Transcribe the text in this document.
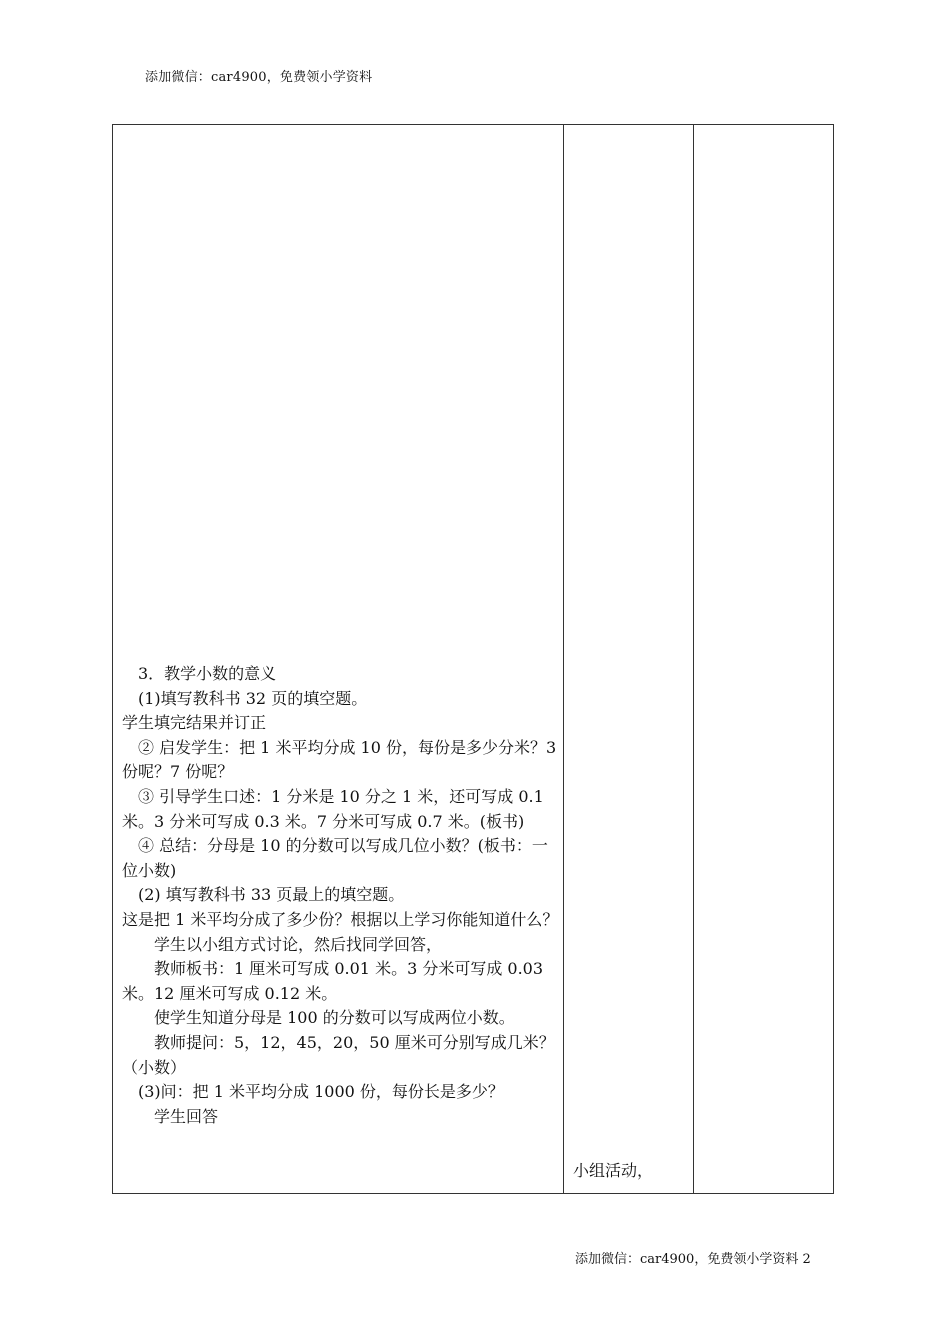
添加微信：car4900，免费领小学资料

　3．教学小数的意义

　(1)填写教科书 32 页的填空题。

学生填完结果并订正

　② 启发学生：把 1 米平均分成 10 份，每份是多少分米？3 份呢？7 份呢？

　③ 引导学生口述：1 分米是 10 分之 1 米，还可写成 0.1 米。3 分米可写成 0.3 米。7 分米可写成 0.7 米。(板书)

　④ 总结：分母是 10 的分数可以写成几位小数？(板书：一位小数)

　(2) 填写教科书 33 页最上的填空题。

这是把 1 米平均分成了多少份？根据以上学习你能知道什么？

　　学生以小组方式讨论，然后找同学回答，

　　教师板书：1 厘米可写成 0.01 米。3 分米可写成 0.03 米。12 厘米可写成 0.12 米。

　　使学生知道分母是 100 的分数可以写成两位小数。

　　教师提问：5，12，45，20，50 厘米可分别写成几米？（小数）

　(3)问：把 1 米平均分成 1000 份，每份长是多少？

　　学生回答

小组活动，
添加微信：car4900，免费领小学资料 2
